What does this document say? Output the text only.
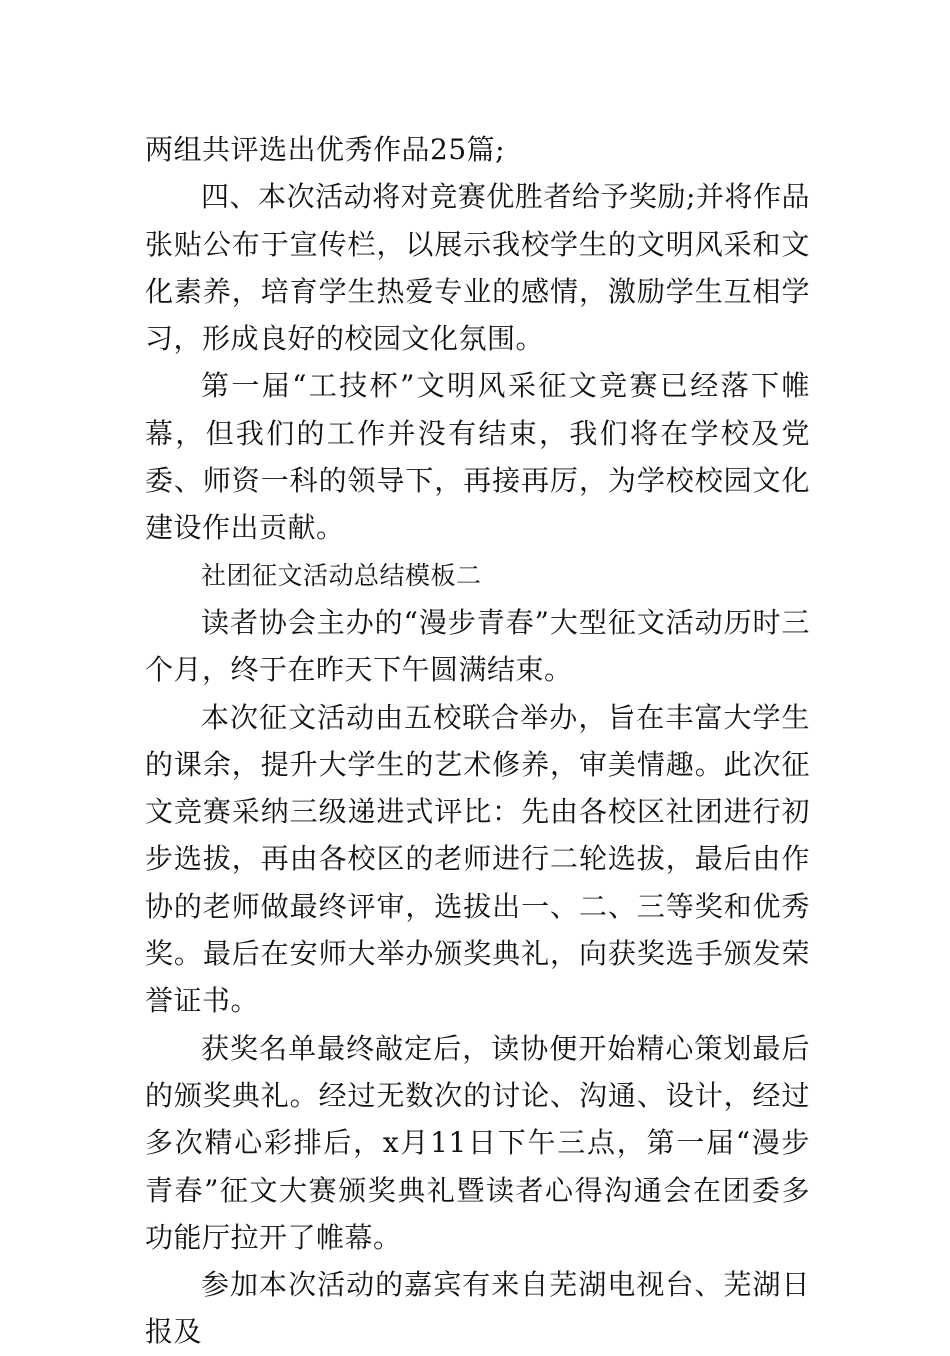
两组共评选出优秀作品25篇;

四、本次活动将对竞赛优胜者给予奖励;并将作品张贴公布于宣传栏，以展示我校学生的文明风采和文化素养，培育学生热爱专业的感情，激励学生互相学习，形成良好的校园文化氛围。

第一届“工技杯”文明风采征文竞赛已经落下帷幕，但我们的工作并没有结束，我们将在学校及党委、师资一科的领导下，再接再厉，为学校校园文化建设作出贡献。

社团征文活动总结模板二

读者协会主办的“漫步青春”大型征文活动历时三个月，终于在昨天下午圆满结束。

本次征文活动由五校联合举办，旨在丰富大学生的课余，提升大学生的艺术修养，审美情趣。此次征文竞赛采纳三级递进式评比：先由各校区社团进行初步选拔，再由各校区的老师进行二轮选拔，最后由作协的老师做最终评审，选拔出一、二、三等奖和优秀奖。最后在安师大举办颁奖典礼，向获奖选手颁发荣誉证书。

获奖名单最终敲定后，读协便开始精心策划最后的颁奖典礼。经过无数次的讨论、沟通、设计，经过多次精心彩排后，x月11日下午三点，第一届“漫步青春”征文大赛颁奖典礼暨读者心得沟通会在团委多功能厅拉开了帷幕。

参加本次活动的嘉宾有来自芜湖电视台、芜湖日报及
